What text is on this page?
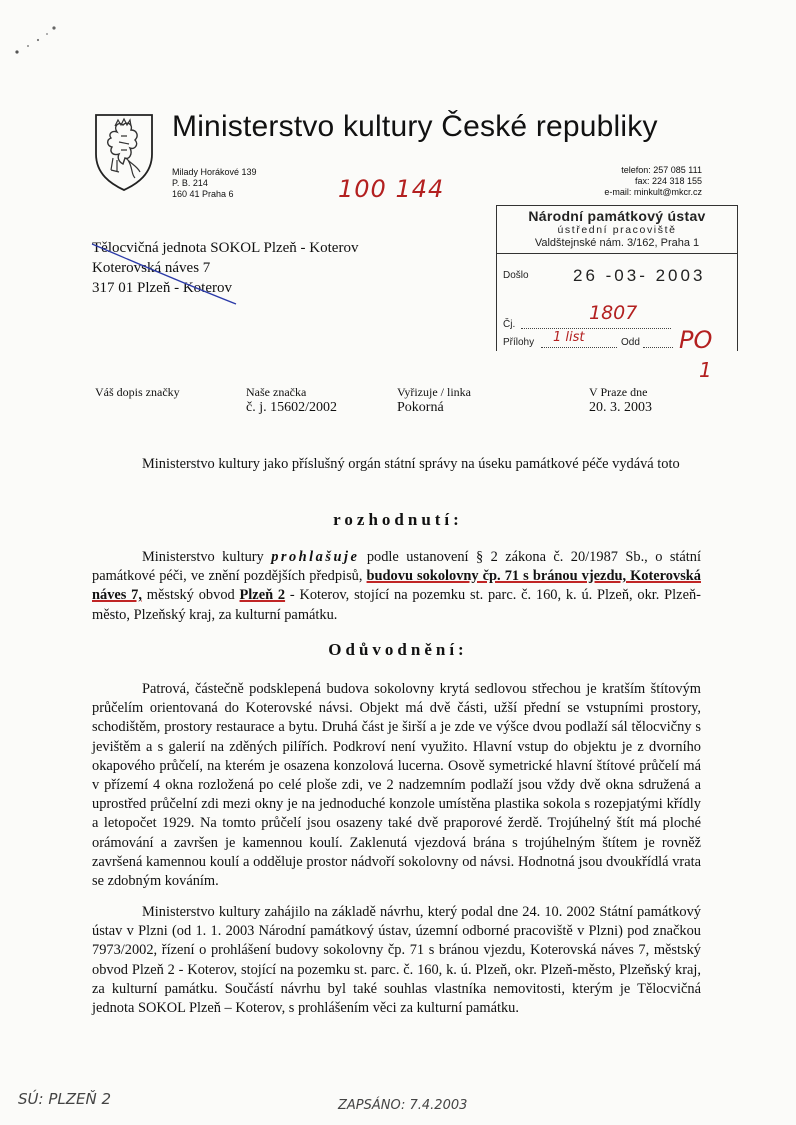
Ministerstvo kultury České republiky
Milady Horákové 139
P. B. 214
160 41 Praha 6
telefon: 257 085 111
fax: 224 318 155
e-mail: minkult@mkcr.cz
100 144
Tělocvičná jednota SOKOL Plzeň - Koterov
Koterovská náves 7
317 01 Plzeň - Koterov
Národní památkový ústav
ústřední pracoviště
Valdštejnské nám. 3/162, Praha 1
Došlo	26 -03- 2003
Čj.
1807
Přílohy 1 list	Odd PO
1
Váš dopis značky	Naše značka
č. j. 15602/2002
Vyřizuje / linka
Pokorná
V Praze dne
20. 3. 2003
Ministerstvo kultury jako příslušný orgán státní správy na úseku památkové péče vydává toto
rozhodnutí:
Ministerstvo kultury prohlašuje podle ustanovení § 2 zákona č. 20/1987 Sb., o státní památkové péči, ve znění pozdějších předpisů, budovu sokolovny čp. 71 s bránou vjezdu, Koterovská náves 7, městský obvod Plzeň 2 - Koterov, stojící na pozemku st. parc. č. 160, k. ú. Plzeň, okr. Plzeň-město, Plzeňský kraj, za kulturní památku.
Odůvodnění:
Patrová, částečně podsklepená budova sokolovny krytá sedlovou střechou je kratším štítovým průčelím orientovaná do Koterovské návsi. Objekt má dvě části, užší přední se vstupními prostory, schodištěm, prostory restaurace a bytu. Druhá část je širší a je zde ve výšce dvou podlaží sál tělocvičny s jevištěm a s galerií na zděných pilířích. Podkroví není využito. Hlavní vstup do objektu je z dvorního okapového průčelí, na kterém je osazena konzolová lucerna. Osově symetrické hlavní štítové průčelí má v přízemí 4 okna rozložená po celé ploše zdi, ve 2 nadzemním podlaží jsou vždy dvě okna sdružená a uprostřed průčelní zdi mezi okny je na jednoduché konzole umístěna plastika sokola s rozepjatými křídly a letopočet 1929. Na tomto průčelí jsou osazeny také dvě praporové žerdě. Trojúhelný štít má ploché orámování a završen je kamennou koulí. Zaklenutá vjezdová brána s trojúhelným štítem je rovněž završená kamennou koulí a odděluje prostor nádvoří sokolovny od návsi. Hodnotná jsou dvoukřídlá vrata se zdobným kováním.
Ministerstvo kultury zahájilo na základě návrhu, který podal dne 24. 10. 2002 Státní památkový ústav v Plzni (od 1. 1. 2003 Národní památkový ústav, územní odborné pracoviště v Plzni) pod značkou 7973/2002, řízení o prohlášení budovy sokolovny čp. 71 s bránou vjezdu, Koterovská náves 7, městský obvod Plzeň 2 - Koterov, stojící na pozemku st. parc. č. 160, k. ú. Plzeň, okr. Plzeň-město, Plzeňský kraj, za kulturní památku. Součástí návrhu byl také souhlas vlastníka nemovitosti, kterým je Tělocvičná jednota SOKOL Plzeň – Koterov, s prohlášením věci za kulturní památku.
SÚ: PLZEŇ 2	ZAPSÁNO: 7.4.2003
